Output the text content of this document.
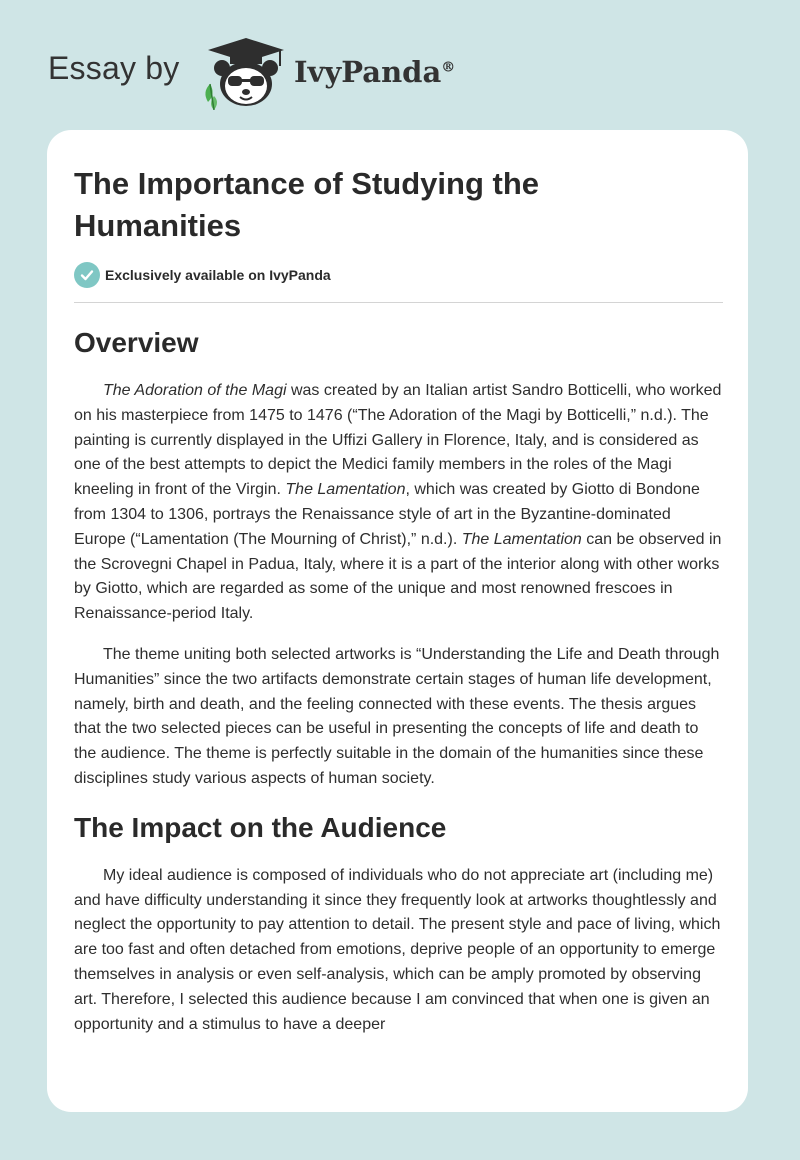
Essay by	IvyPanda®
The Importance of Studying the Humanities
Exclusively available on IvyPanda
Overview

The Adoration of the Magi was created by an Italian artist Sandro Botticelli, who worked on his masterpiece from 1475 to 1476 (“The Adoration of the Magi by Botticelli,” n.d.). The painting is currently displayed in the Uffizi Gallery in Florence, Italy, and is considered as one of the best attempts to depict the Medici family members in the roles of the Magi kneeling in front of the Virgin. The Lamentation, which was created by Giotto di Bondone from 1304 to 1306, portrays the Renaissance style of art in the Byzantine-dominated Europe (“Lamentation (The Mourning of Christ),” n.d.). The Lamentation can be observed in the Scrovegni Chapel in Padua, Italy, where it is a part of the interior along with other works by Giotto, which are regarded as some of the unique and most renowned frescoes in Renaissance-period Italy.

The theme uniting both selected artworks is “Understanding the Life and Death through Humanities” since the two artifacts demonstrate certain stages of human life development, namely, birth and death, and the feeling connected with these events. The thesis argues that the two selected pieces can be useful in presenting the concepts of life and death to the audience. The theme is perfectly suitable in the domain of the humanities since these disciplines study various aspects of human society.

The Impact on the Audience

My ideal audience is composed of individuals who do not appreciate art (including me) and have difficulty understanding it since they frequently look at artworks thoughtlessly and neglect the opportunity to pay attention to detail. The present style and pace of living, which are too fast and often detached from emotions, deprive people of an opportunity to emerge themselves in analysis or even self-analysis, which can be amply promoted by observing art. Therefore, I selected this audience because I am convinced that when one is given an opportunity and a stimulus to have a deeper
